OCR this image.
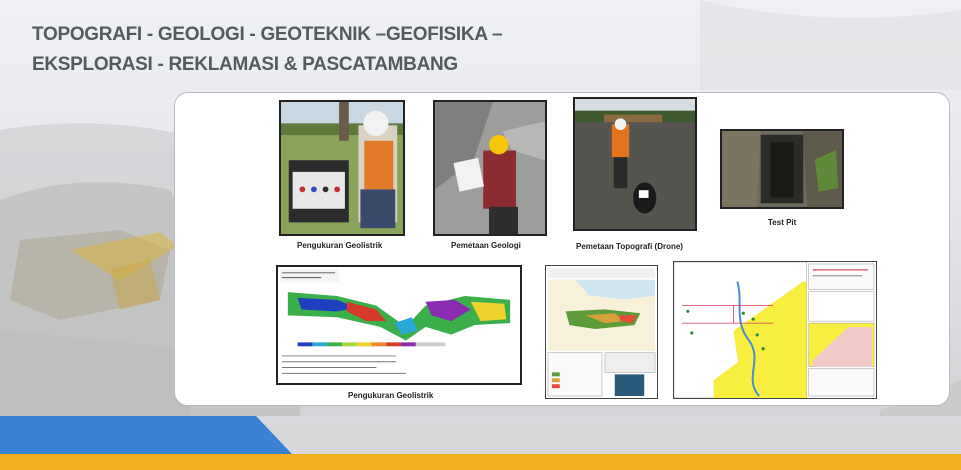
TOPOGRAFI - GEOLOGI - GEOTEKNIK –GEOFISIKA –
EKSPLORASI - REKLAMASI & PASCATAMBANG
Pengukuran Geolistrik	Pemetaan Geologi	Pemetaan Topografi (Drone)
Test Pit
Pengukuran Geolistrik
